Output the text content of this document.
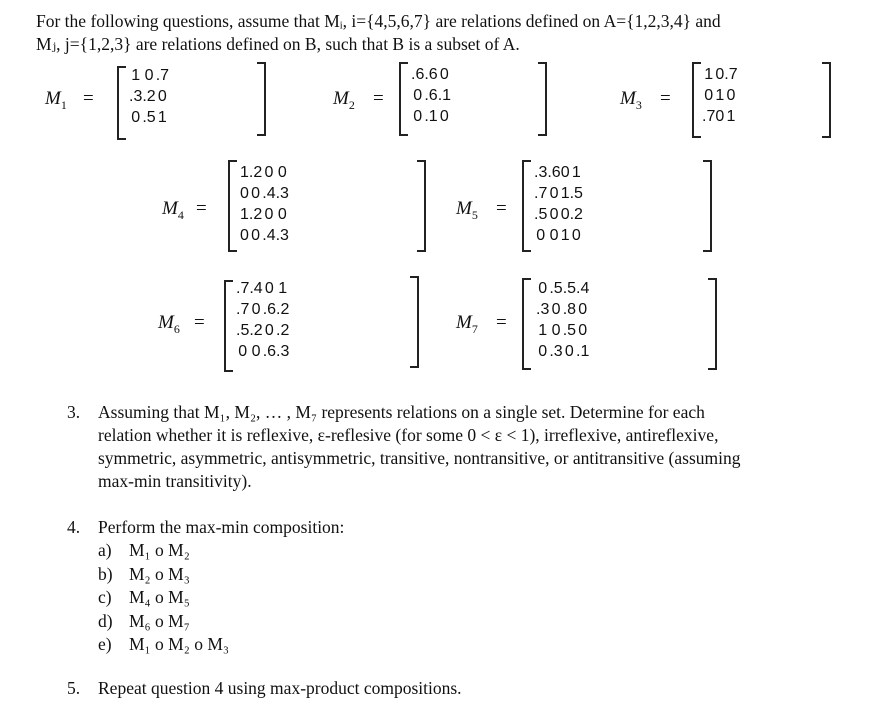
For the following questions, assume that Mᵢ, i={4,5,6,7} are relations defined on A={1,2,3,4} and
Mⱼ, j={1,2,3} are relations defined on B, such that B is a subset of A.
$M_1$ =
1	0	.7
.3	.2	0
0	.5	1
$M_2$ =
.6	.6	0
0	.6	.1
0	.1	0
$M_3$ =
1	0	.7
0	1	0
.7	0	1
$M_4$ =
1	.2	0	0
0	0	.4	.3
1	.2	0	0
0	0	.4	.3
$M_5$ =
.3	.6	0	1
.7	0	1	.5
.5	0	0	.2
0	0	1	0
$M_6$ =
.7	.4	0	1
.7	0	.6	.2
.5	.2	0	.2
0	0	.6	.3
$M_7$ =
0	.5	.5	.4
.3	0	.8	0
1	0	.5	0
0	.3	0	.1
3. Assuming that M₁, M₂, … , M₇ represents relations on a single set. Determine for each
relation whether it is reflexive, ε-reflesive (for some 0 < ε < 1), irreflexive, antireflexive,
symmetric, asymmetric, antisymmetric, transitive, nontransitive, or antitransitive (assuming
max-min transitivity).
4. Perform the max-min composition:
a) M₁ o M₂
b) M₂ o M₃
c) M₄ o M₅
d) M₆ o M₇
e) M₁ o M₂ o M₃
5. Repeat question 4 using max-product compositions.
